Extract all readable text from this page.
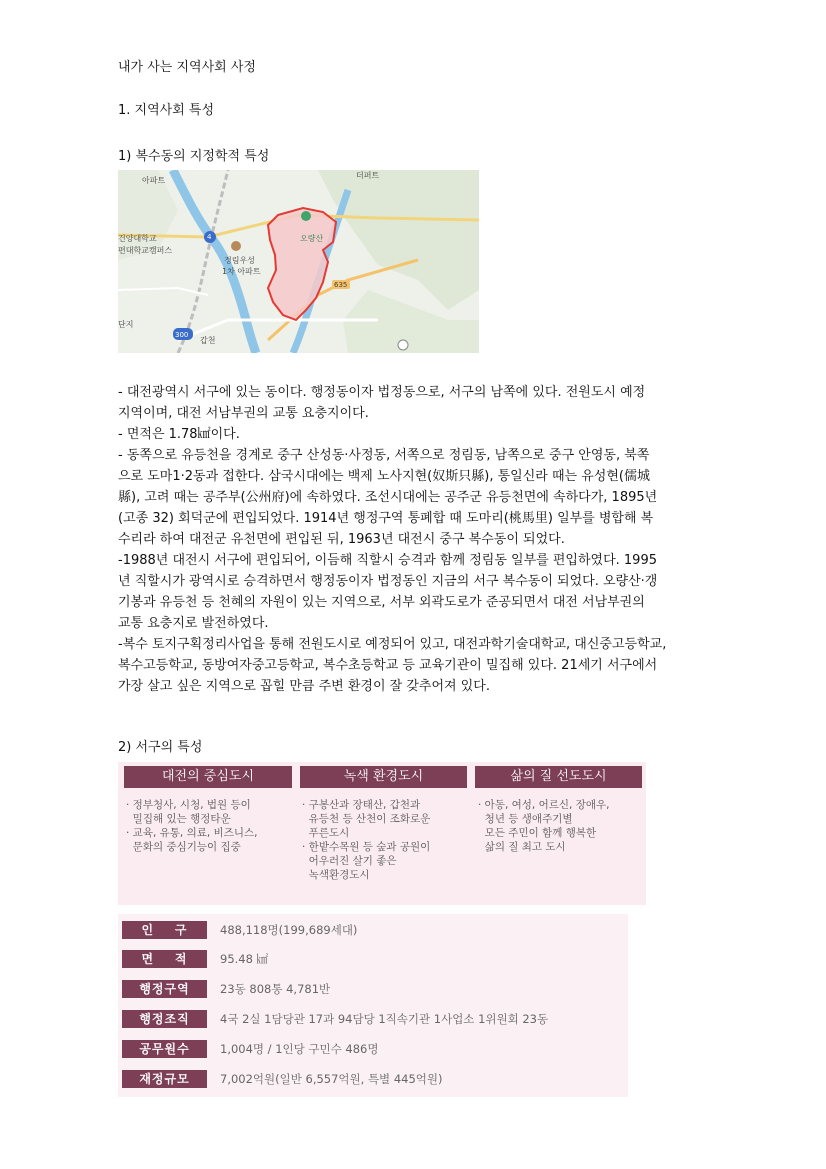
내가 사는 지역사회 사정
1. 지역사회 특성
1) 복수동의 지정학적 특성
아파트
더퍼트
건양대학교
편대학교캠퍼스
정림우성
1차 아파트
오량산
635
4
300
갑천
단지
- 대전광역시 서구에 있는 동이다. 행정동이자 법정동으로, 서구의 남쪽에 있다. 전원도시 예정
지역이며, 대전 서남부권의 교통 요충지이다.
- 면적은 1.78㎢이다.
- 동쪽으로 유등천을 경계로 중구 산성동·사정동, 서쪽으로 정림동, 남쪽으로 중구 안영동, 북쪽
으로 도마1·2동과 접한다. 삼국시대에는 백제 노사지현(奴斯只縣), 통일신라 때는 유성현(儒城
縣), 고려 때는 공주부(公州府)에 속하였다. 조선시대에는 공주군 유등천면에 속하다가, 1895년
(고종 32) 회덕군에 편입되었다. 1914년 행정구역 통폐합 때 도마리(桃馬里) 일부를 병합해 복
수리라 하여 대전군 유천면에 편입된 뒤, 1963년 대전시 중구 복수동이 되었다.
-1988년 대전시 서구에 편입되어, 이듬해 직할시 승격과 함께 정림동 일부를 편입하였다. 1995
년 직할시가 광역시로 승격하면서 행정동이자 법정동인 지금의 서구 복수동이 되었다. 오량산·갱
기봉과 유등천 등 천혜의 자원이 있는 지역으로, 서부 외곽도로가 준공되면서 대전 서남부권의
교통 요충지로 발전하였다.
-복수 토지구획정리사업을 통해 전원도시로 예정되어 있고, 대전과학기술대학교, 대신중고등학교,
복수고등학교, 동방여자중고등학교, 복수초등학교 등 교육기관이 밀집해 있다. 21세기 서구에서
가장 살고 싶은 지역으로 꼽힐 만큼 주변 환경이 잘 갖추어져 있다.
2) 서구의 특성
대전의 중심도시	녹색 환경도시	삶의 질 선도도시
· 정부청사, 시청, 법원 등이
밀집해 있는 행정타운
· 교육, 유통, 의료, 비즈니스,
문화의 중심기능이 집중
· 구봉산과 장태산, 갑천과
유등천 등 산천이 조화로운
푸른도시
· 한밭수목원 등 숲과 공원이
어우러진 살기 좋은
녹색환경도시
· 아동, 여성, 어르신, 장애우,
청년 등 생애주기별
모든 주민이 함께 행복한
삶의 질 최고 도시
인    구	488,118명(199,689세대)
면    적	95.48 ㎢
행정구역	23동 808통 4,781반
행정조직	4국 2실 1담당관 17과 94담당 1직속기관 1사업소 1위원회 23동
공무원수	1,004명 / 1인당 구민수 486명
재정규모	7,002억원(일반 6,557억원, 특별 445억원)
